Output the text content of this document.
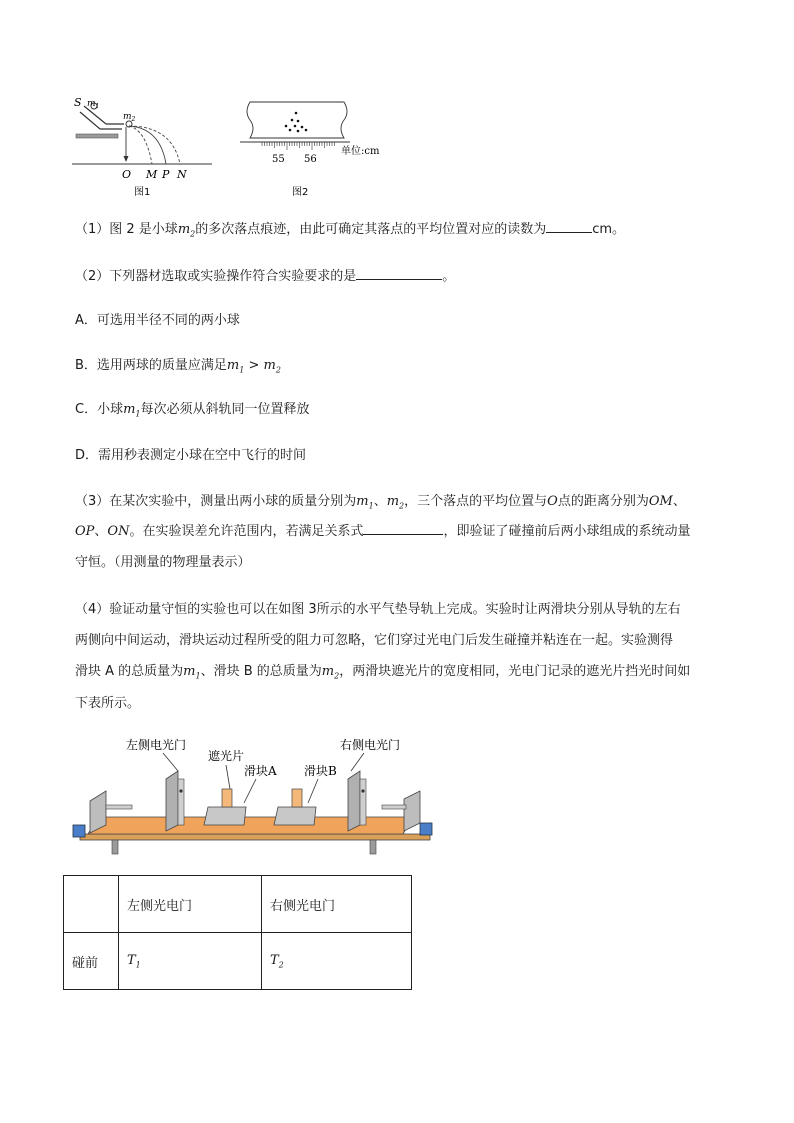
S $m_1$
$m_2$
O M P N
图1
55 56
单位:cm
图2
（1）图 2 是小球$m_2$的多次落点痕迹，由此可确定其落点的平均位置对应的读数为	cm。
（2）下列器材选取或实验操作符合实验要求的是	。
A．可选用半径不同的两小球
B．选用两球的质量应满足$m_1 > m_2$
C．小球$m_1$每次必须从斜轨同一位置释放
D．需用秒表测定小球在空中飞行的时间
（3）在某次实验中，测量出两小球的质量分别为$m_1$、$m_2$，三个落点的平均位置与O点的距离分别为OM、
OP、ON。在实验误差允许范围内，若满足关系式	，即验证了碰撞前后两小球组成的系统动量
守恒。（用测量的物理量表示）
（4）验证动量守恒的实验也可以在如图 3所示的水平气垫导轨上完成。实验时让两滑块分别从导轨的左右
两侧向中间运动，滑块运动过程所受的阻力可忽略，它们穿过光电门后发生碰撞并粘连在一起。实验测得
滑块 A 的总质量为$m_1$、滑块 B 的总质量为$m_2$，两滑块遮光片的宽度相同，光电门记录的遮光片挡光时间如
下表所示。
左侧电光门	右侧电光门
遮光片
滑块A 滑块B
	左侧光电门	右侧光电门
碰前	$T_1$	$T_2$
